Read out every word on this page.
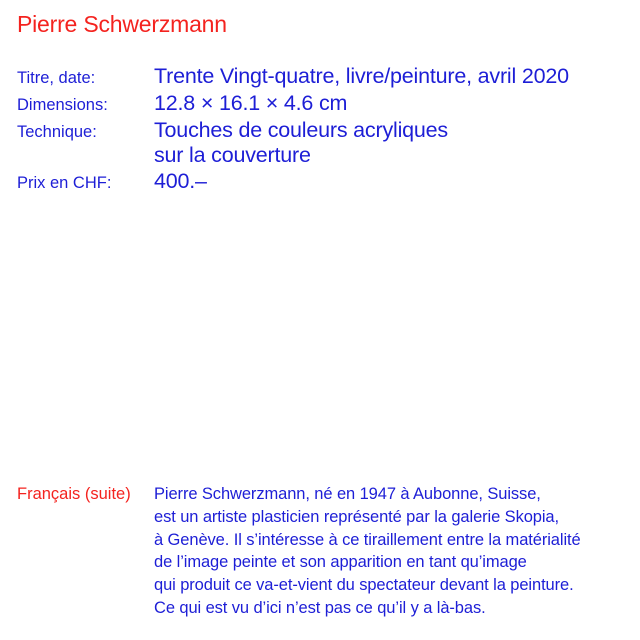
Pierre Schwerzmann
Titre, date:	Trente Vingt-quatre, livre/peinture, avril 2020
Dimensions:	12.8 × 16.1 × 4.6 cm
Technique:	Touches de couleurs acryliques
sur la couverture
Prix en CHF:	400.–
Français (suite) Pierre Schwerzmann, né en 1947 à Aubonne, Suisse,
est un artiste plasticien représenté par la galerie Skopia,
à Genève. Il s’intéresse à ce tiraillement entre la matérialité
de l’image peinte et son apparition en tant qu’image
qui produit ce va-et-vient du spectateur devant la peinture.
Ce qui est vu d’ici n’est pas ce qu’il y a là-bas.
